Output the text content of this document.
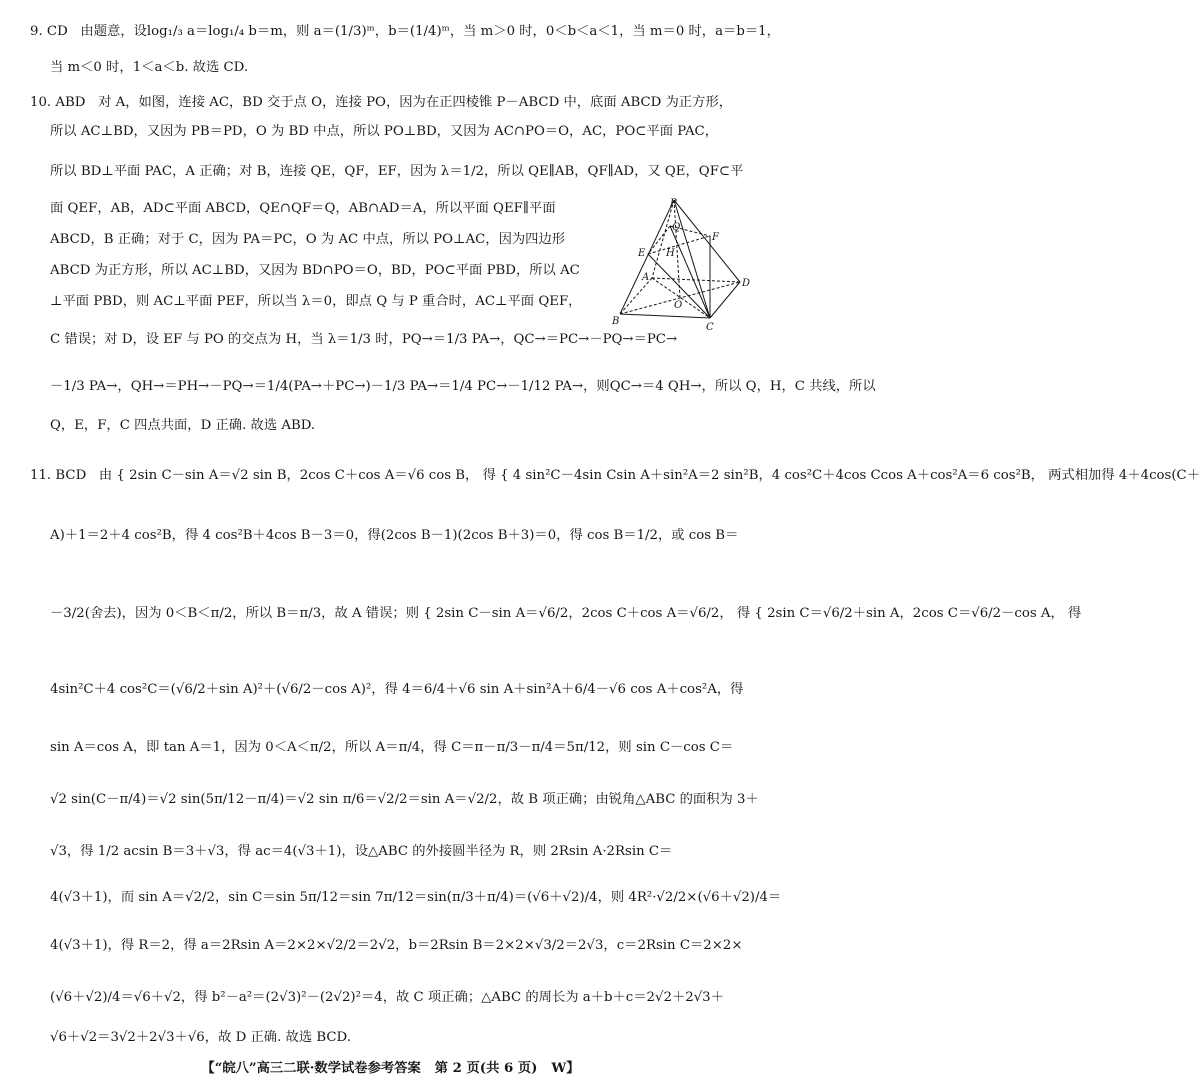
9. CD   由题意，设log₁/₃ a＝log₁/₄ b＝m，则 a＝(1/3)ᵐ，b＝(1/4)ᵐ，当 m＞0 时，0＜b＜a＜1，当 m＝0 时，a＝b＝1，
当 m＜0 时，1＜a＜b. 故选 CD.
10. ABD   对 A，如图，连接 AC，BD 交于点 O，连接 PO，因为在正四棱锥 P－ABCD 中，底面 ABCD 为正方形，
所以 AC⊥BD，又因为 PB＝PD，O 为 BD 中点，所以 PO⊥BD，又因为 AC∩PO＝O，AC，PO⊂平面 PAC，
所以 BD⊥平面 PAC，A 正确；对 B，连接 QE，QF，EF，因为 λ＝1/2，所以 QE∥AB，QF∥AD，又 QE，QF⊂平
面 QEF，AB，AD⊂平面 ABCD，QE∩QF＝Q，AB∩AD＝A，所以平面 QEF∥平面
ABCD，B 正确；对于 C，因为 PA＝PC，O 为 AC 中点，所以 PO⊥AC，因为四边形
ABCD 为正方形，所以 AC⊥BD，又因为 BD∩PO＝O，BD，PO⊂平面 PBD，所以 AC
⊥平面 PBD，则 AC⊥平面 PEF，所以当 λ＝0，即点 Q 与 P 重合时，AC⊥平面 QEF，
C 错误；对 D，设 EF 与 PO 的交点为 H，当 λ＝1/3 时，PQ→＝1/3 PA→，QC→＝PC→－PQ→＝PC→
－1/3 PA→，QH→＝PH→－PQ→＝1/4(PA→＋PC→)－1/3 PA→＝1/4 PC→－1/12 PA→，则QC→＝4 QH→，所以 Q，H，C 共线，所以
Q，E，F，C 四点共面，D 正确. 故选 ABD.
11. BCD   由 { 2sin C－sin A＝√2 sin B，2cos C＋cos A＝√6 cos B， 得 { 4 sin²C－4sin Csin A＋sin²A＝2 sin²B，4 cos²C＋4cos Ccos A＋cos²A＝6 cos²B， 两式相加得 4＋4cos(C＋
A)＋1＝2＋4 cos²B，得 4 cos²B＋4cos B－3＝0，得(2cos B－1)(2cos B＋3)＝0，得 cos B＝1/2，或 cos B＝
－3/2(舍去)，因为 0＜B＜π/2，所以 B＝π/3，故 A 错误；则 { 2sin C－sin A＝√6/2，2cos C＋cos A＝√6/2， 得 { 2sin C＝√6/2＋sin A，2cos C＝√6/2－cos A， 得
4sin²C＋4 cos²C＝(√6/2＋sin A)²＋(√6/2－cos A)²，得 4＝6/4＋√6 sin A＋sin²A＋6/4－√6 cos A＋cos²A，得
sin A＝cos A，即 tan A＝1，因为 0＜A＜π/2，所以 A＝π/4，得 C＝π－π/3－π/4＝5π/12，则 sin C－cos C＝
√2 sin(C－π/4)＝√2 sin(5π/12－π/4)＝√2 sin π/6＝√2/2＝sin A＝√2/2，故 B 项正确；由锐角△ABC 的面积为 3＋
√3，得 1/2 acsin B＝3＋√3，得 ac＝4(√3＋1)，设△ABC 的外接圆半径为 R，则 2Rsin A·2Rsin C＝
4(√3＋1)，而 sin A＝√2/2，sin C＝sin 5π/12＝sin 7π/12＝sin(π/3＋π/4)＝(√6＋√2)/4，则 4R²·√2/2×(√6＋√2)/4＝
4(√3＋1)，得 R＝2，得 a＝2Rsin A＝2×2×√2/2＝2√2，b＝2Rsin B＝2×2×√3/2＝2√3，c＝2Rsin C＝2×2×
(√6＋√2)/4＝√6＋√2，得 b²－a²＝(2√3)²－(2√2)²＝4，故 C 项正确；△ABC 的周长为 a＋b＋c＝2√2＋2√3＋
√6＋√2＝3√2＋2√3＋√6，故 D 正确. 故选 BCD.
P
Q
E
F
H
A
B
C
D
O
【“皖八”高三二联·数学试卷参考答案   第 2 页(共 6 页)   W】
